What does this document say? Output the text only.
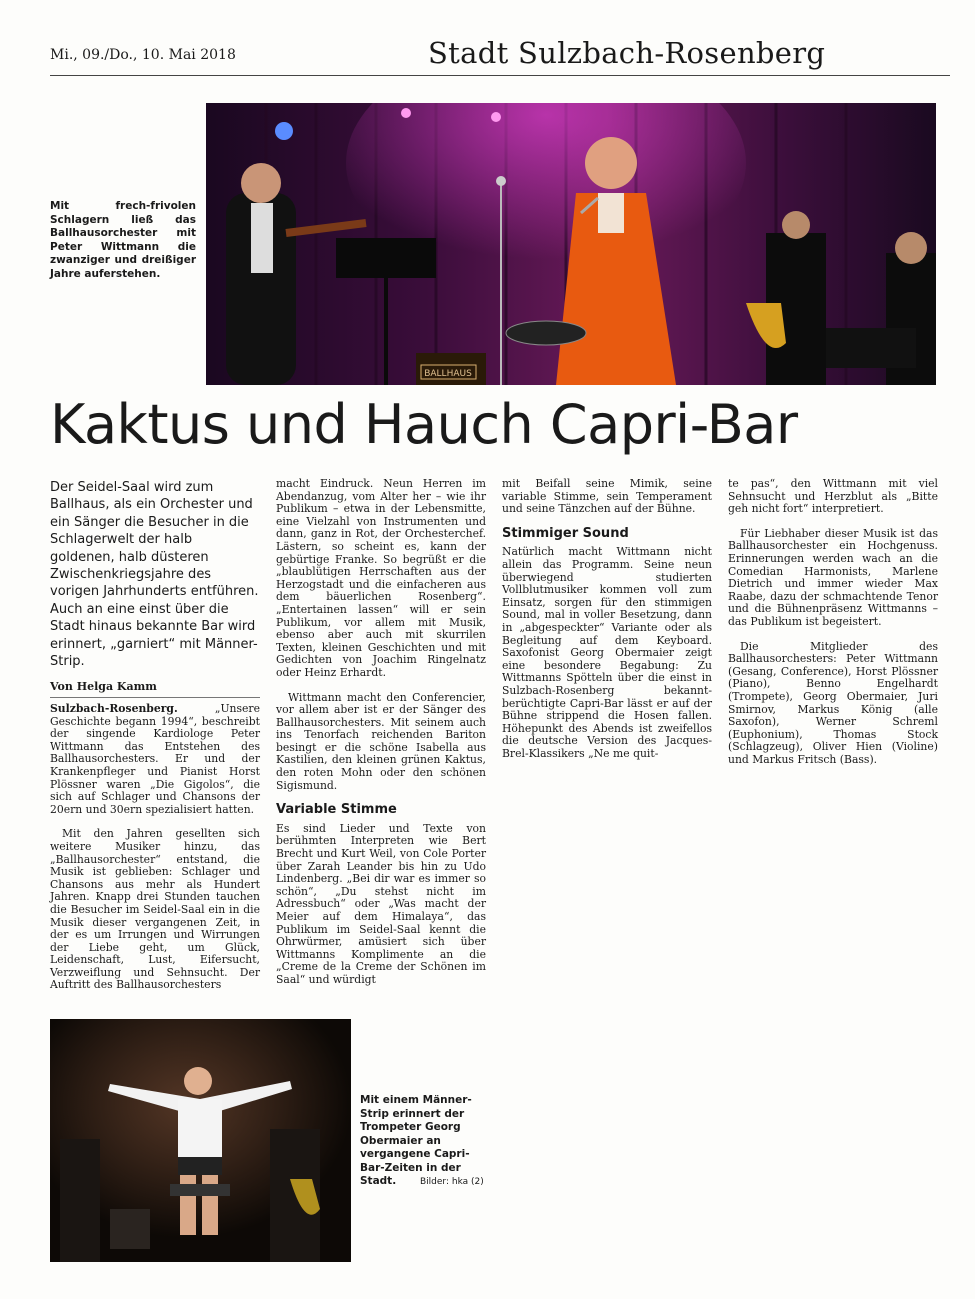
Mi., 09./Do., 10. Mai 2018	Stadt Sulzbach-Rosenberg
BALLHAUS
Mit frech-frivolen Schlagern ließ das Ballhausorchester mit Peter Wittmann die zwanziger und dreißiger Jahre auferstehen.
Kaktus und Hauch Capri-Bar
Der Seidel-Saal wird zum Ballhaus, als ein Orchester und ein Sänger die Besucher in die Schlagerwelt der halb goldenen, halb düsteren Zwischenkriegsjahre des vorigen Jahrhunderts entführen. Auch an eine einst über die Stadt hinaus bekannte Bar wird erinnert, „garniert“ mit Männer-Strip.
Von Helga Kamm

Sulzbach-Rosenberg.	„Unsere Geschichte begann 1994“, beschreibt der singende Kardiologe Peter Wittmann das Entstehen des Ballhausorchesters. Er und der Krankenpfleger und Pianist Horst Plössner waren „Die Gigolos“, die sich auf Schlager und Chansons der 20ern und 30ern spezialisiert hatten.

Mit den Jahren gesellten sich weitere Musiker hinzu, das „Ballhausorchester“ entstand, die Musik ist geblieben: Schlager und Chansons aus mehr als Hundert Jahren. Knapp drei Stunden tauchen die Besucher im Seidel-Saal ein in die Musik dieser vergangenen Zeit, in der es um Irrungen und Wirrungen der Liebe geht, um Glück, Leidenschaft, Lust, Eifersucht, Verzweiflung und Sehnsucht. Der Auftritt des Ballhausorchesters

macht Eindruck. Neun Herren im Abendanzug, vom Alter her – wie ihr Publikum – etwa in der Lebensmitte, eine Vielzahl von Instrumenten und dann, ganz in Rot, der Orchesterchef. Lästern, so scheint es, kann der gebürtige Franke. So begrüßt er die „blaublütigen Herrschaften aus der Herzogstadt und die einfacheren aus dem bäuerlichen Rosenberg“. „Entertainen lassen“ will er sein Publikum, vor allem mit Musik, ebenso aber auch mit skurrilen Texten, kleinen Geschichten und mit Gedichten von Joachim Ringelnatz oder Heinz Erhardt.

Wittmann macht den Conferencier, vor allem aber ist er der Sänger des Ballhausorchesters. Mit seinem auch ins Tenorfach reichenden Bariton besingt er die schöne Isabella aus Kastilien, den kleinen grünen Kaktus, den roten Mohn oder den schönen Sigismund.

Variable Stimme

Es sind Lieder und Texte von berühmten Interpreten wie Bert Brecht und Kurt Weil, von Cole Porter über Zarah Leander bis hin zu Udo Lindenberg. „Bei dir war es immer so schön“, „Du stehst nicht im Adressbuch“ oder „Was macht der Meier auf dem Himalaya“, das Publikum im Seidel-Saal kennt die Ohrwürmer, amüsiert sich über Wittmanns Komplimente an die „Creme de la Creme der Schönen im Saal“ und würdigt

mit Beifall seine Mimik, seine variable Stimme, sein Temperament und seine Tänzchen auf der Bühne.

Stimmiger Sound

Natürlich macht Wittmann nicht allein das Programm. Seine neun überwiegend studierten Vollblutmusiker kommen voll zum Einsatz, sorgen für den stimmigen Sound, mal in voller Besetzung, dann in „abgespeckter“ Variante oder als Begleitung auf dem Keyboard. Saxofonist Georg Obermaier zeigt eine besondere Begabung: Zu Wittmanns Spötteln über die einst in Sulzbach-Rosenberg bekannt-berüchtigte Capri-Bar lässt er auf der Bühne strippend die Hosen fallen. Höhepunkt des Abends ist zweifellos die deutsche Version des Jacques-Brel-Klassikers „Ne me quit-

te pas“, den Wittmann mit viel Sehnsucht und Herzblut als „Bitte geh nicht fort“ interpretiert.

Für Liebhaber dieser Musik ist das Ballhausorchester ein Hochgenuss. Erinnerungen werden wach an die Comedian Harmonists, Marlene Dietrich und immer wieder Max Raabe, dazu der schmachtende Tenor und die Bühnenpräsenz Wittmanns – das Publikum ist begeistert.

Die Mitglieder des Ballhausorchesters: Peter Wittmann (Gesang, Conference), Horst Plössner (Piano), Benno Engelhardt (Trompete), Georg Obermaier, Juri Smirnov, Markus König (alle Saxofon), Werner Schreml (Euphonium), Thomas Stock (Schlagzeug), Oliver Hien (Violine) und Markus Fritsch (Bass).

Mit einem Männer-Strip erinnert der Trompeter Georg Obermaier an vergangene Capri-Bar-Zeiten in der Stadt.	Bilder: hka (2)
